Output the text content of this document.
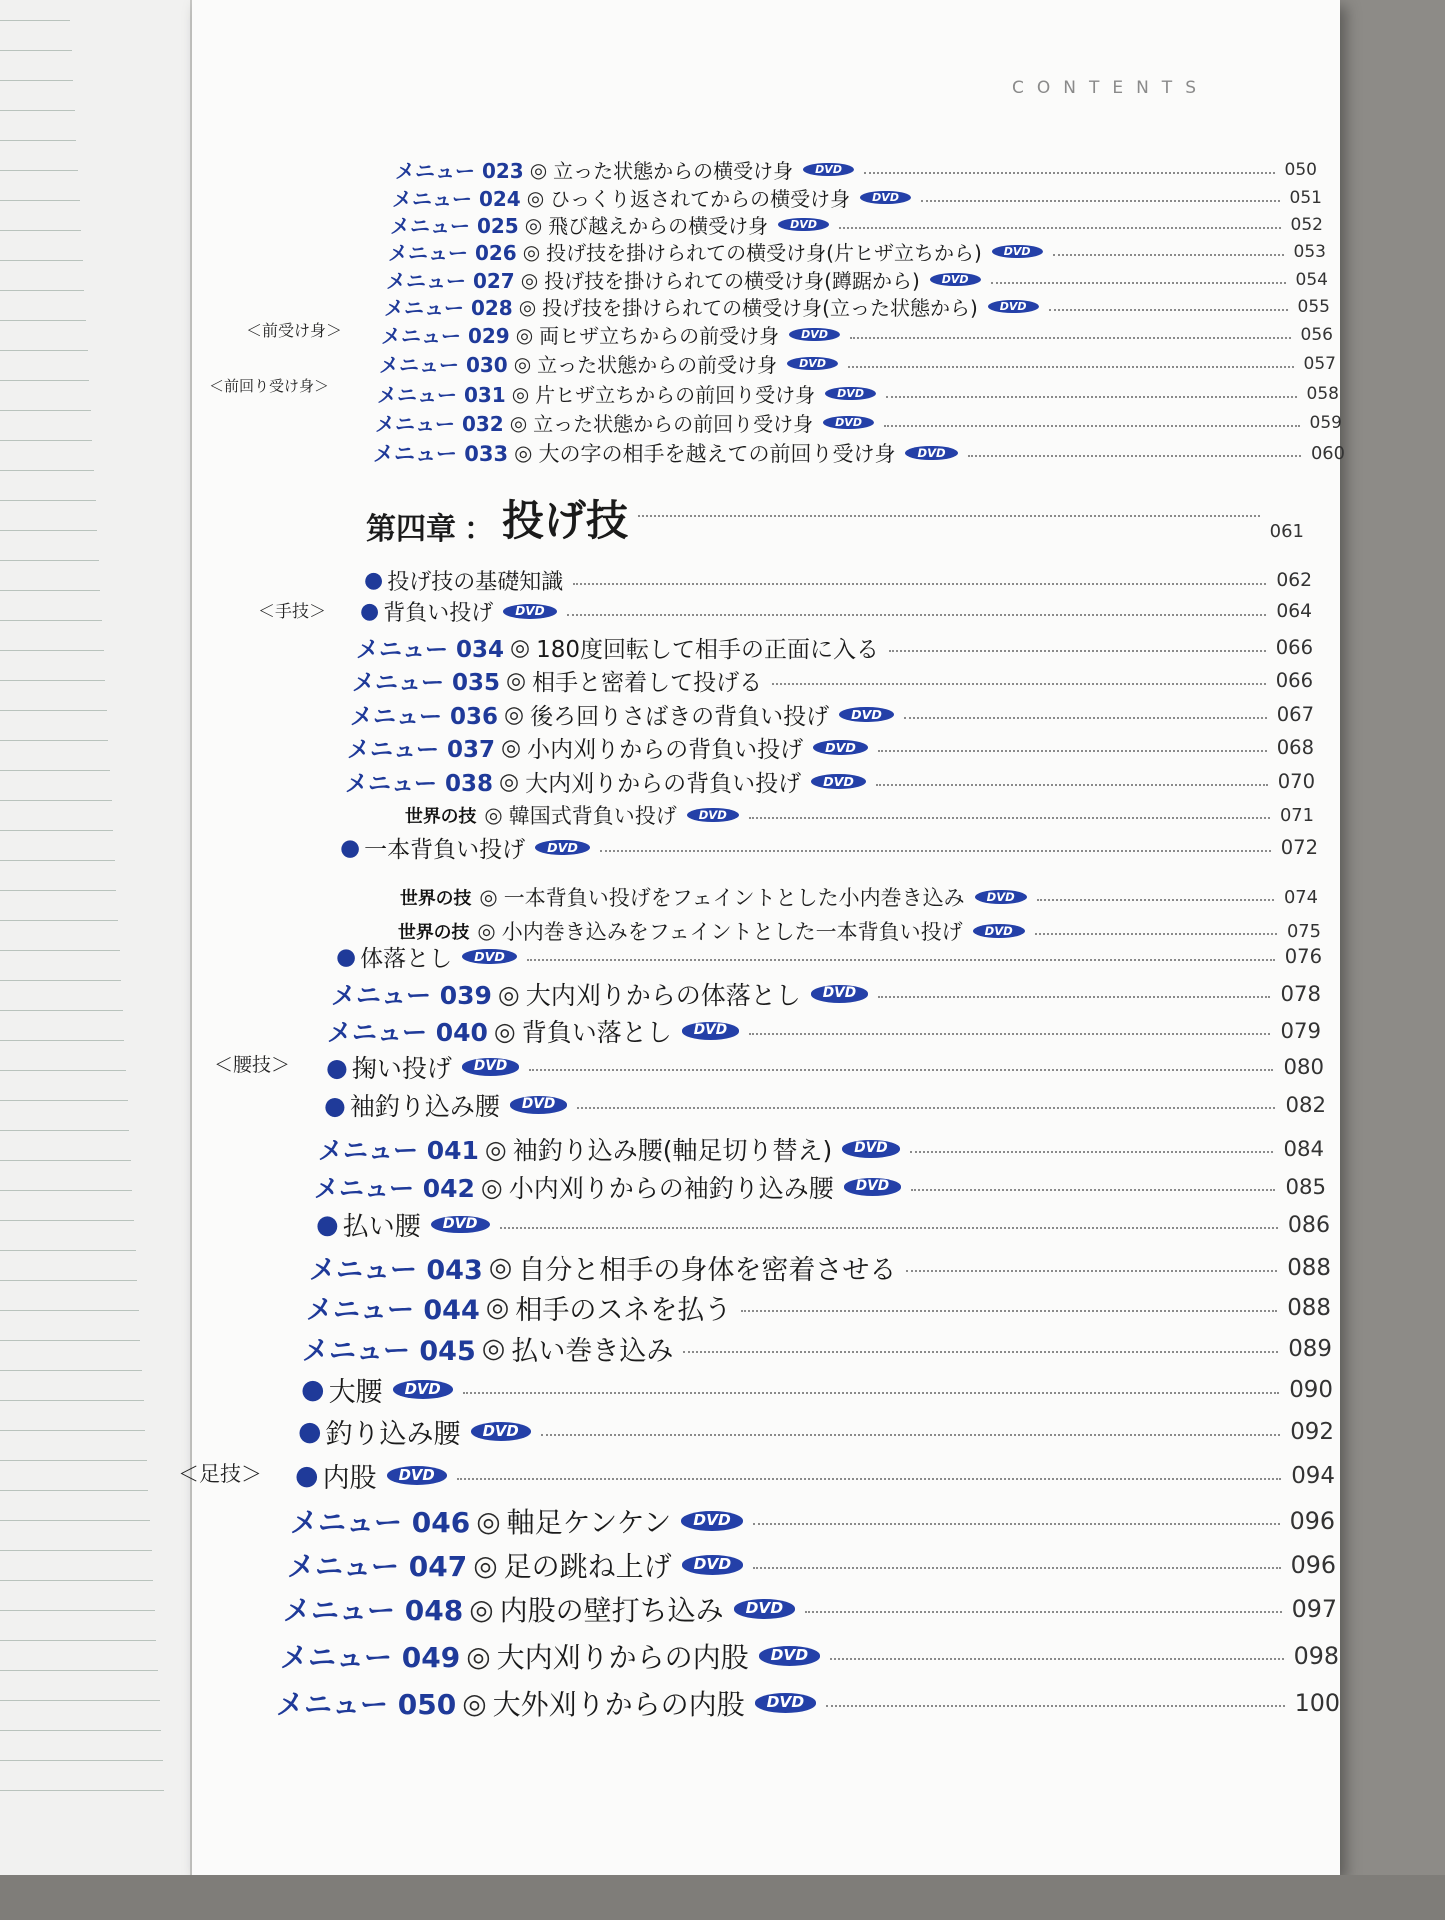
CONTENTS
第四章 ： 投げ技	061
＜前受け身＞
＜前回り受け身＞
＜手技＞
＜腰技＞
＜足技＞
メニュー 023 ◎ 立った状態からの横受け身	DVD	050
メニュー 024 ◎ ひっくり返されてからの横受け身	DVD	051
メニュー 025 ◎ 飛び越えからの横受け身	DVD	052
メニュー 026 ◎ 投げ技を掛けられての横受け身(片ヒザ立ちから)	DVD	053
メニュー 027 ◎ 投げ技を掛けられての横受け身(蹲踞から)	DVD	054
メニュー 028 ◎ 投げ技を掛けられての横受け身(立った状態から)	DVD	055
メニュー 029 ◎ 両ヒザ立ちからの前受け身	DVD	056
メニュー 030 ◎ 立った状態からの前受け身	DVD	057
メニュー 031 ◎ 片ヒザ立ちからの前回り受け身	DVD	058
メニュー 032 ◎ 立った状態からの前回り受け身	DVD	059
メニュー 033 ◎ 大の字の相手を越えての前回り受け身	DVD	060
● 投げ技の基礎知識	062
● 背負い投げ	DVD	064
メニュー 034 ◎ 180度回転して相手の正面に入る	066
メニュー 035 ◎ 相手と密着して投げる	066
メニュー 036 ◎ 後ろ回りさばきの背負い投げ	DVD	067
メニュー 037 ◎ 小内刈りからの背負い投げ	DVD	068
メニュー 038 ◎ 大内刈りからの背負い投げ	DVD	070
世界の技 ◎ 韓国式背負い投げ	DVD	071
● 一本背負い投げ	DVD	072
世界の技 ◎ 一本背負い投げをフェイントとした小内巻き込み	DVD	074
世界の技 ◎ 小内巻き込みをフェイントとした一本背負い投げ	DVD	075
● 体落とし	DVD	076
メニュー 039 ◎ 大内刈りからの体落とし	DVD	078
メニュー 040 ◎ 背負い落とし	DVD	079
● 掬い投げ	DVD	080
● 袖釣り込み腰	DVD	082
メニュー 041 ◎ 袖釣り込み腰(軸足切り替え)	DVD	084
メニュー 042 ◎ 小内刈りからの袖釣り込み腰	DVD	085
● 払い腰	DVD	086
メニュー 043 ◎ 自分と相手の身体を密着させる	088
メニュー 044 ◎ 相手のスネを払う	088
メニュー 045 ◎ 払い巻き込み	089
● 大腰	DVD	090
● 釣り込み腰	DVD	092
● 内股	DVD	094
メニュー 046 ◎ 軸足ケンケン	DVD	096
メニュー 047 ◎ 足の跳ね上げ	DVD	096
メニュー 048 ◎ 内股の壁打ち込み	DVD	097
メニュー 049 ◎ 大内刈りからの内股	DVD	098
メニュー 050 ◎ 大外刈りからの内股	DVD	100
